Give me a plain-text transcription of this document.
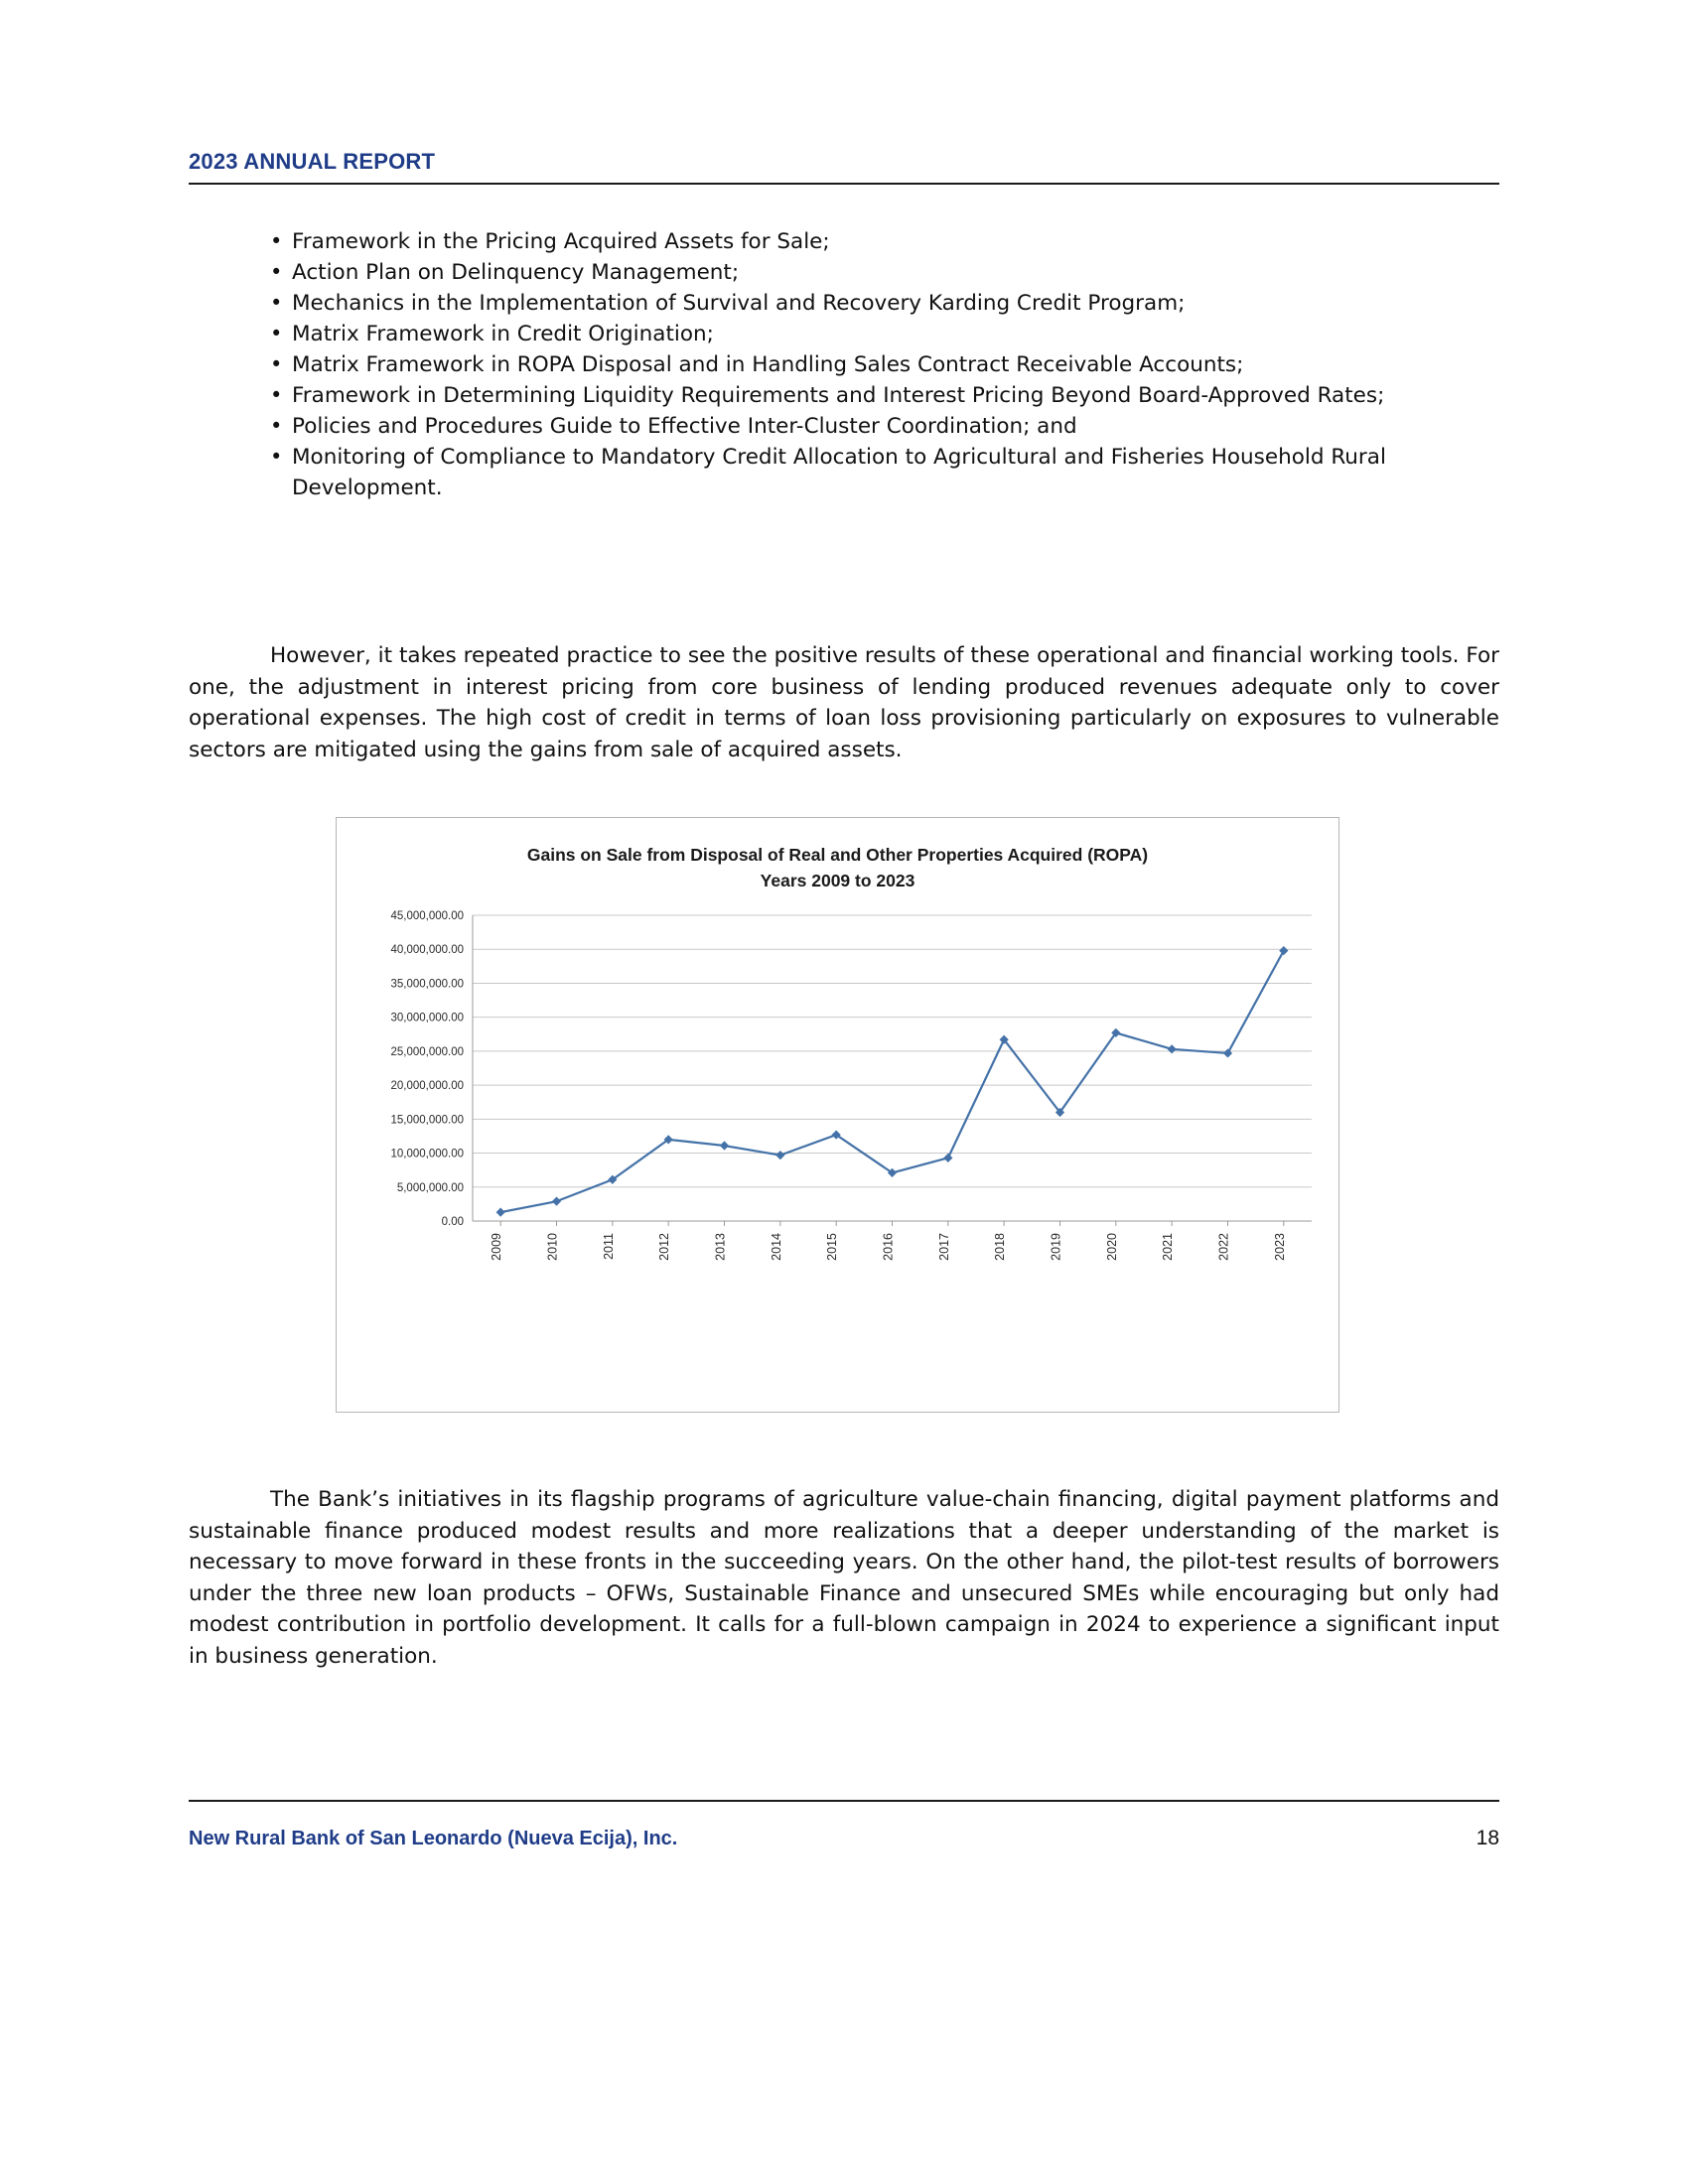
2023 ANNUAL REPORT
• Framework in the Pricing Acquired Assets for Sale;
• Action Plan on Delinquency Management;
• Mechanics in the Implementation of Survival and Recovery Karding Credit Program;
• Matrix Framework in Credit Origination;
• Matrix Framework in ROPA Disposal and in Handling Sales Contract Receivable Accounts;
• Framework in Determining Liquidity Requirements and Interest Pricing Beyond Board-Approved Rates;
• Policies and Procedures Guide to Effective Inter-Cluster Coordination; and
• Monitoring of Compliance to Mandatory Credit Allocation to Agricultural and Fisheries Household Rural Development.
However, it takes repeated practice to see the positive results of these operational and financial working tools. For one, the adjustment in interest pricing from core business of lending produced revenues adequate only to cover operational expenses. The high cost of credit in terms of loan loss provisioning particularly on exposures to vulnerable sectors are mitigated using the gains from sale of acquired assets.
Gains on Sale from Disposal of Real and Other Properties Acquired (ROPA)
Years 2009 to 2023
45,000,000.00
40,000,000.00
35,000,000.00
30,000,000.00
25,000,000.00
20,000,000.00
15,000,000.00
10,000,000.00
5,000,000.00
0.00
2009	2010	2011	2012	2013	2014	2015	2016	2017	2018	2019	2020	2021	2022	2023
The Bank’s initiatives in its flagship programs of agriculture value-chain financing, digital payment platforms and sustainable finance produced modest results and more realizations that a deeper understanding of the market is necessary to move forward in these fronts in the succeeding years. On the other hand, the pilot-test results of borrowers under the three new loan products – OFWs, Sustainable Finance and unsecured SMEs while encouraging but only had modest contribution in portfolio development. It calls for a full-blown campaign in 2024 to experience a significant input in business generation.
New Rural Bank of San Leonardo (Nueva Ecija), Inc.	18
